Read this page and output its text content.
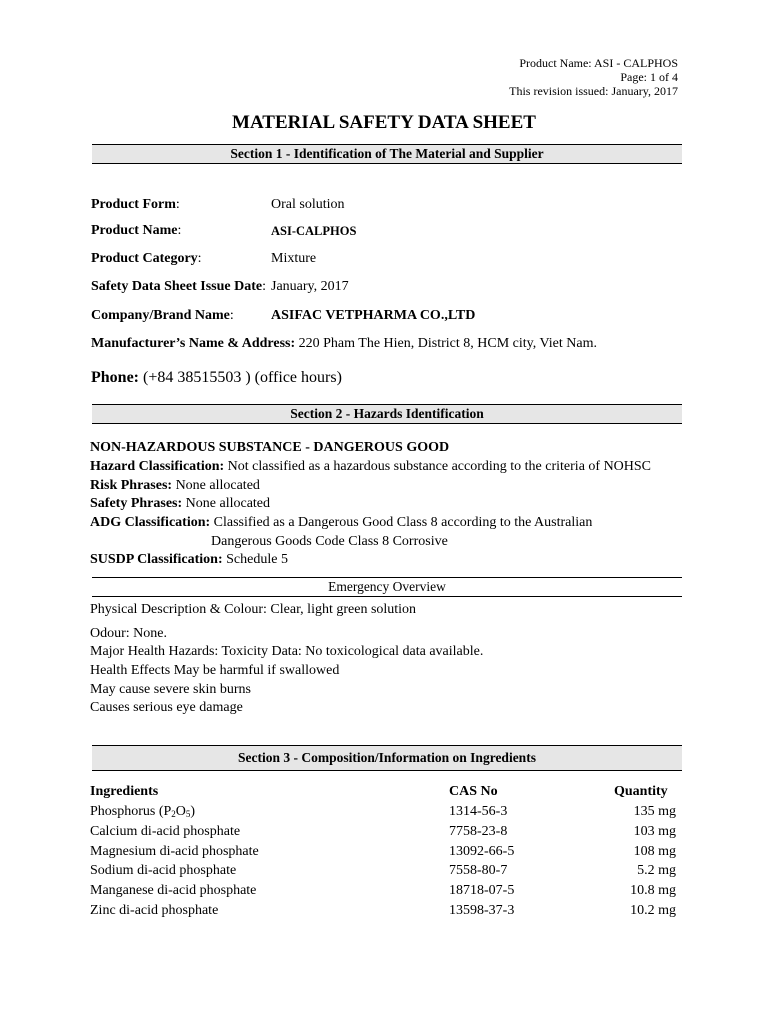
Product Name: ASI - CALPHOS
Page: 1 of 4
This revision issued: January, 2017
MATERIAL SAFETY DATA SHEET
Section 1 - Identification of The Material and Supplier
Product Form:	Oral solution
Product Name:	ASI-CALPHOS
Product Category:	Mixture
Safety Data Sheet Issue Date: January, 2017
Company/Brand Name:	ASIFAC VETPHARMA CO.,LTD
Manufacturer’s Name & Address: 220 Pham The Hien, District 8, HCM city, Viet Nam.
Phone: (+84 38515503 ) (office hours)
Section 2 - Hazards Identification
NON-HAZARDOUS SUBSTANCE - DANGEROUS GOOD
Hazard Classification: Not classified as a hazardous substance according to the criteria of NOHSC
Risk Phrases: None allocated
Safety Phrases: None allocated
ADG Classification: Classified as a Dangerous Good Class 8 according to the Australian
Dangerous Goods Code Class 8 Corrosive
SUSDP Classification: Schedule 5
Emergency Overview
Physical Description & Colour: Clear, light green solution
Odour: None.
Major Health Hazards: Toxicity Data: No toxicological data available.
Health Effects May be harmful if swallowed
May cause severe skin burns
Causes serious eye damage
Section 3 - Composition/Information on Ingredients
Ingredients	CAS No	Quantity
Phosphorus $(P_2O_5)$	1314-56-3	135 mg
Calcium di-acid phosphate	7758-23-8	103 mg
Magnesium di-acid phosphate	13092-66-5	108 mg
Sodium di-acid phosphate	7558-80-7	5.2 mg
Manganese di-acid phosphate	18718-07-5	10.8 mg
Zinc di-acid phosphate	13598-37-3	10.2 mg
